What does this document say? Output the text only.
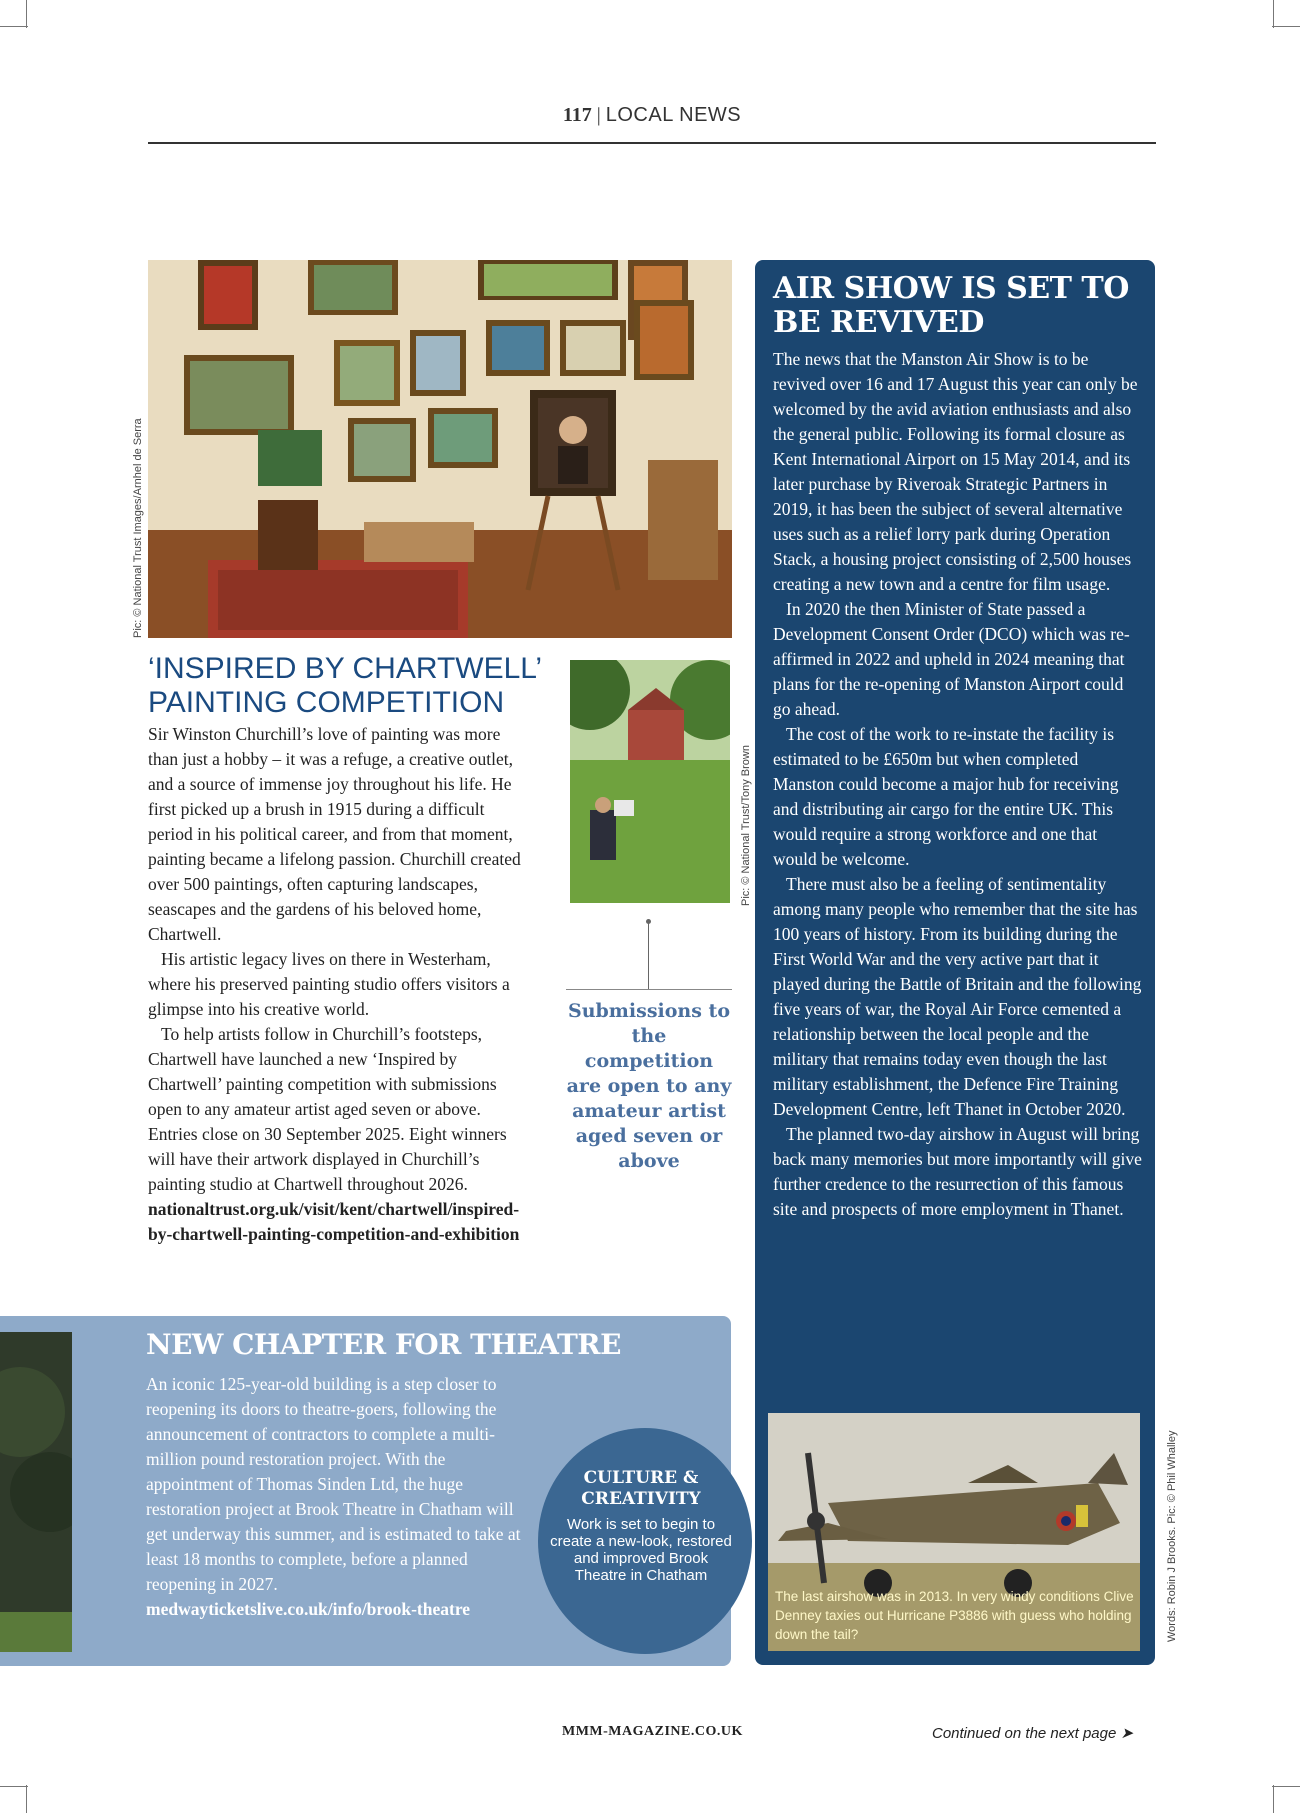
117 | LOCAL NEWS
Pic: © National Trust Images/Arnhel de Serra
‘INSPIRED BY CHARTWELL’ PAINTING COMPETITION

Sir Winston Churchill’s love of painting was more than just a hobby – it was a refuge, a creative outlet, and a source of immense joy throughout his life. He first picked up a brush in 1915 during a difficult period in his political career, and from that moment, painting became a lifelong passion. Churchill created over 500 paintings, often capturing landscapes, seascapes and the gardens of his beloved home, Chartwell.

His artistic legacy lives on there in Westerham, where his preserved painting studio offers visitors a glimpse into his creative world.

To help artists follow in Churchill’s footsteps, Chartwell have launched a new ‘Inspired by Chartwell’ painting competition with submissions open to any amateur artist aged seven or above. Entries close on 30 September 2025. Eight winners will have their artwork displayed in Churchill’s painting studio at Chartwell throughout 2026.

nationaltrust.org.uk/visit/kent/chartwell/inspired-by-chartwell-painting-competition-and-exhibition

Pic: © National Trust/Tony Brown
Submissions to the competition are open to any amateur artist aged seven or above
AIR SHOW IS SET TO BE REVIVED

The news that the Manston Air Show is to be revived over 16 and 17 August this year can only be welcomed by the avid aviation enthusiasts and also the general public. Following its formal closure as Kent International Airport on 15 May 2014, and its later purchase by Riveroak Strategic Partners in 2019, it has been the subject of several alternative uses such as a relief lorry park during Operation Stack, a housing project consisting of 2,500 houses creating a new town and a centre for film usage.

In 2020 the then Minister of State passed a Development Consent Order (DCO) which was re-affirmed in 2022 and upheld in 2024 meaning that plans for the re-opening of Manston Airport could go ahead.

The cost of the work to re-instate the facility is estimated to be £650m but when completed Manston could become a major hub for receiving and distributing air cargo for the entire UK. This would require a strong workforce and one that would be welcome.

There must also be a feeling of sentimentality among many people who remember that the site has 100 years of history. From its building during the First World War and the very active part that it played during the Battle of Britain and the following five years of war, the Royal Air Force cemented a relationship between the local people and the military that remains today even though the last military establishment, the Defence Fire Training Development Centre, left Thanet in October 2020.

The planned two-day airshow in August will bring back many memories but more importantly will give further credence to the resurrection of this famous site and prospects of more employment in Thanet.

The last airshow was in 2013. In very windy conditions Clive Denney taxies out Hurricane P3886 with guess who holding down the tail?	Words: Robin J Brooks. Pic: © Phil Whalley
NEW CHAPTER FOR THEATRE

An iconic 125-year-old building is a step closer to reopening its doors to theatre-goers, following the announcement of contractors to complete a multi-million pound restoration project. With the appointment of Thomas Sinden Ltd, the huge restoration project at Brook Theatre in Chatham will get underway this summer, and is estimated to take at least 18 months to complete, before a planned reopening in 2027.

medwayticketslive.co.uk/info/brook-theatre

CULTURE & CREATIVITY
Work is set to begin to create a new-look, restored and improved Brook Theatre in Chatham
MMM-MAGAZINE.CO.UK	Continued on the next page ➤
